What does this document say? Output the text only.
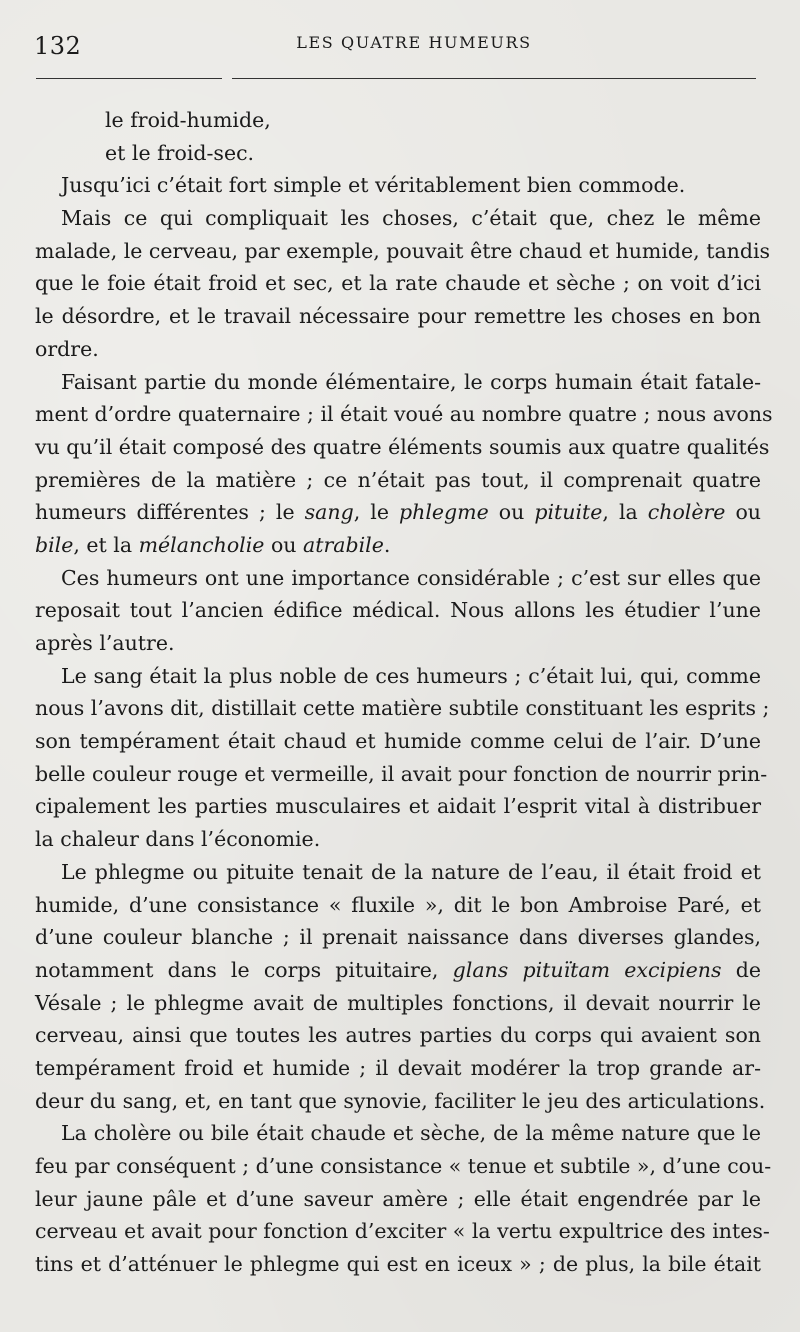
132	LES QUATRE HUMEURS
le froid-humide,
et le froid-sec.
Jusqu’ici c’était fort simple et véritablement bien commode.
Mais ce qui compliquait les choses, c’était que, chez le même
malade, le cerveau, par exemple, pouvait être chaud et humide, tandis
que le foie était froid et sec, et la rate chaude et sèche ; on voit d’ici
le désordre, et le travail nécessaire pour remettre les choses en bon
ordre.
Faisant partie du monde élémentaire, le corps humain était fatale-
ment d’ordre quaternaire ; il était voué au nombre quatre ; nous avons
vu qu’il était composé des quatre éléments soumis aux quatre qualités
premières de la matière ; ce n’était pas tout, il comprenait quatre
humeurs différentes ; le sang, le phlegme ou pituite, la cholère ou
bile, et la mélancholie ou atrabile.
Ces humeurs ont une importance considérable ; c’est sur elles que
reposait tout l’ancien édifice médical. Nous allons les étudier l’une
après l’autre.
Le sang était la plus noble de ces humeurs ; c’était lui, qui, comme
nous l’avons dit, distillait cette matière subtile constituant les esprits ;
son tempérament était chaud et humide comme celui de l’air. D’une
belle couleur rouge et vermeille, il avait pour fonction de nourrir prin-
cipalement les parties musculaires et aidait l’esprit vital à distribuer
la chaleur dans l’économie.
Le phlegme ou pituite tenait de la nature de l’eau, il était froid et
humide, d’une consistance « fluxile », dit le bon Ambroise Paré, et
d’une couleur blanche ; il prenait naissance dans diverses glandes,
notamment dans le corps pituitaire, glans pituïtam excipiens de
Vésale ; le phlegme avait de multiples fonctions, il devait nourrir le
cerveau, ainsi que toutes les autres parties du corps qui avaient son
tempérament froid et humide ; il devait modérer la trop grande ar-
deur du sang, et, en tant que synovie, faciliter le jeu des articulations.
La cholère ou bile était chaude et sèche, de la même nature que le
feu par conséquent ; d’une consistance « tenue et subtile », d’une cou-
leur jaune pâle et d’une saveur amère ; elle était engendrée par le
cerveau et avait pour fonction d’exciter « la vertu expultrice des intes-
tins et d’atténuer le phlegme qui est en iceux » ; de plus, la bile était
